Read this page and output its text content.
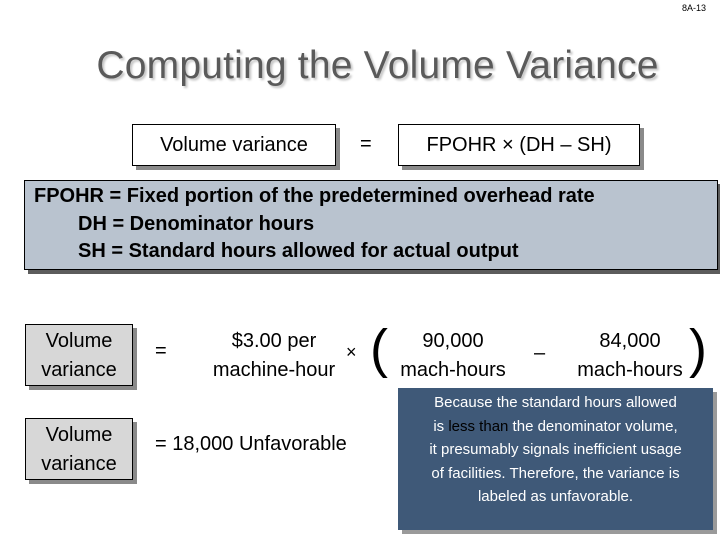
8A-13
Computing the Volume Variance
Volume variance	=	FPOHR × (DH – SH)
FPOHR = Fixed portion of the predetermined overhead rate
DH = Denominator hours
SH = Standard hours allowed for actual output
Volume
variance
=	$3.00 per
machine-hour
× (	90,000
mach-hours
–
84,000
mach-hours )
Volume
variance
= 18,000 Unfavorable
Because the standard hours allowed
is less than the denominator volume,
it presumably signals inefficient usage
of facilities. Therefore, the variance is
labeled as unfavorable.
